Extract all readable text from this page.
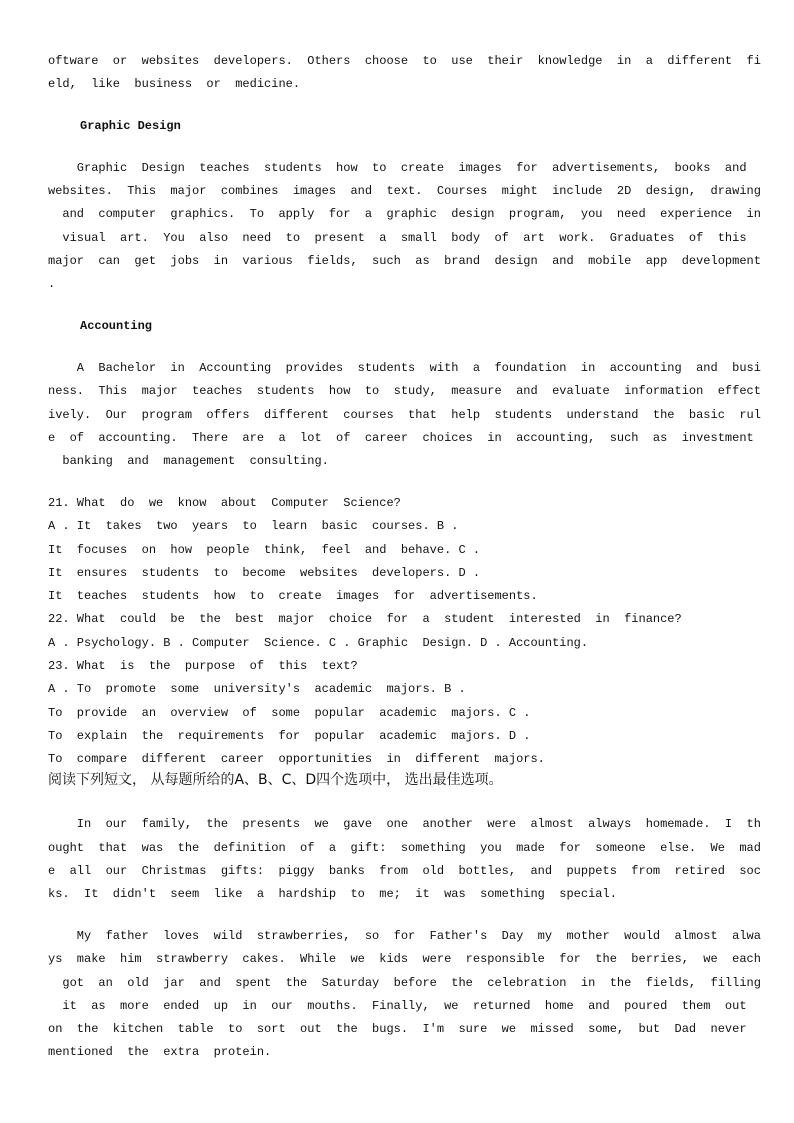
oftware  or  websites  developers.  Others  choose  to  use  their  knowledge  in  a  different  fi

eld,  like  business  or  medicine.

Graphic Design

Graphic  Design  teaches  students  how  to  create  images  for  advertisements,  books  and

websites.  This  major  combines  images  and  text.  Courses  might  include  2D  design,  drawing

and  computer  graphics.  To  apply  for  a  graphic  design  program,  you  need  experience  in

visual  art.  You  also  need  to  present  a  small  body  of  art  work.  Graduates  of  this

major  can  get  jobs  in  various  fields,  such  as  brand  design  and  mobile  app  development

.

Accounting

A  Bachelor  in  Accounting  provides  students  with  a  foundation  in  accounting  and  busi

ness.  This  major  teaches  students  how  to  study,  measure  and  evaluate  information  effect

ively.  Our  program  offers  different  courses  that  help  students  understand  the  basic  rul

e  of  accounting.  There  are  a  lot  of  career  choices  in  accounting,  such  as  investment

banking  and  management  consulting.

21. What  do  we  know  about  Computer  Science?

A . It  takes  two  years  to  learn  basic  courses. B .

It  focuses  on  how  people  think,  feel  and  behave. C .

It  ensures  students  to  become  websites  developers. D .

It  teaches  students  how  to  create  images  for  advertisements.

22. What  could  be  the  best  major  choice  for  a  student  interested  in  finance?

A . Psychology. B . Computer  Science. C . Graphic  Design. D . Accounting.

23. What  is  the  purpose  of  this  text?

A . To  promote  some  university's  academic  majors. B .

To  provide  an  overview  of  some  popular  academic  majors. C .

To  explain  the  requirements  for  popular  academic  majors. D .

To  compare  different  career  opportunities  in  different  majors.

阅读下列短文， 从每题所给的A、B、C、D四个选项中， 选出最佳选项。

In  our  family,  the  presents  we  gave  one  another  were  almost  always  homemade.  I  th

ought  that  was  the  definition  of  a  gift:  something  you  made  for  someone  else.  We  mad

e  all  our  Christmas  gifts:  piggy  banks  from  old  bottles,  and  puppets  from  retired  soc

ks.  It  didn't  seem  like  a  hardship  to  me;  it  was  something  special.

My  father  loves  wild  strawberries,  so  for  Father's  Day  my  mother  would  almost  alwa

ys  make  him  strawberry  cakes.  While  we  kids  were  responsible  for  the  berries,  we  each

got  an  old  jar  and  spent  the  Saturday  before  the  celebration  in  the  fields,  filling

it  as  more  ended  up  in  our  mouths.  Finally,  we  returned  home  and  poured  them  out

on  the  kitchen  table  to  sort  out  the  bugs.  I'm  sure  we  missed  some,  but  Dad  never

mentioned  the  extra  protein.
